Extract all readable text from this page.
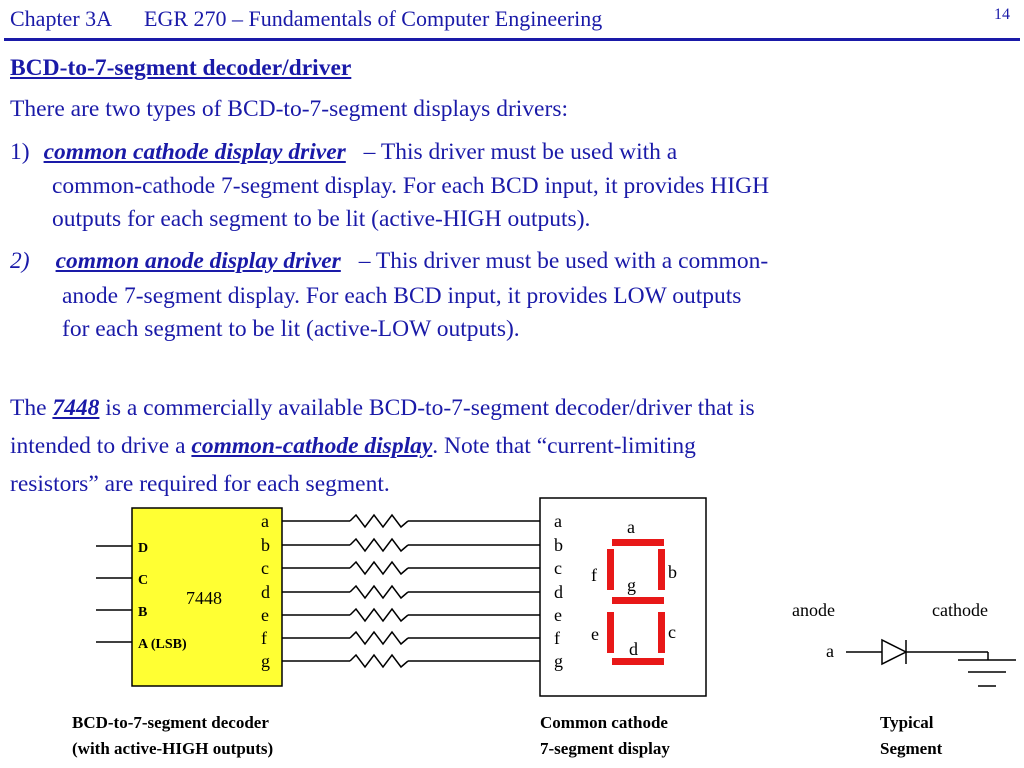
Chapter 3A EGR 270 – Fundamentals of Computer Engineering	14
BCD-to-7-segment decoder/driver
There are two types of BCD-to-7-segment displays drivers:
1) common cathode display driver – This driver must be used with a
common-cathode 7-segment display. For each BCD input, it provides HIGH
outputs for each segment to be lit (active-HIGH outputs).
2) common anode display driver – This driver must be used with a common-
anode 7-segment display. For each BCD input, it provides LOW outputs
for each segment to be lit (active-LOW outputs).
The 7448 is a commercially available BCD-to-7-segment decoder/driver that is
intended to drive a common-cathode display. Note that “current-limiting
resistors” are required for each segment.
7448
D
C
B
A (LSB)
a
b
c
d
e
f
g
a
b
c
d
e
f
g
a
f	b
g
e	c
d
anode	cathode
a
BCD-to-7-segment decoder
(with active-HIGH outputs)
Common cathode
7-segment display
Typical
Segment
